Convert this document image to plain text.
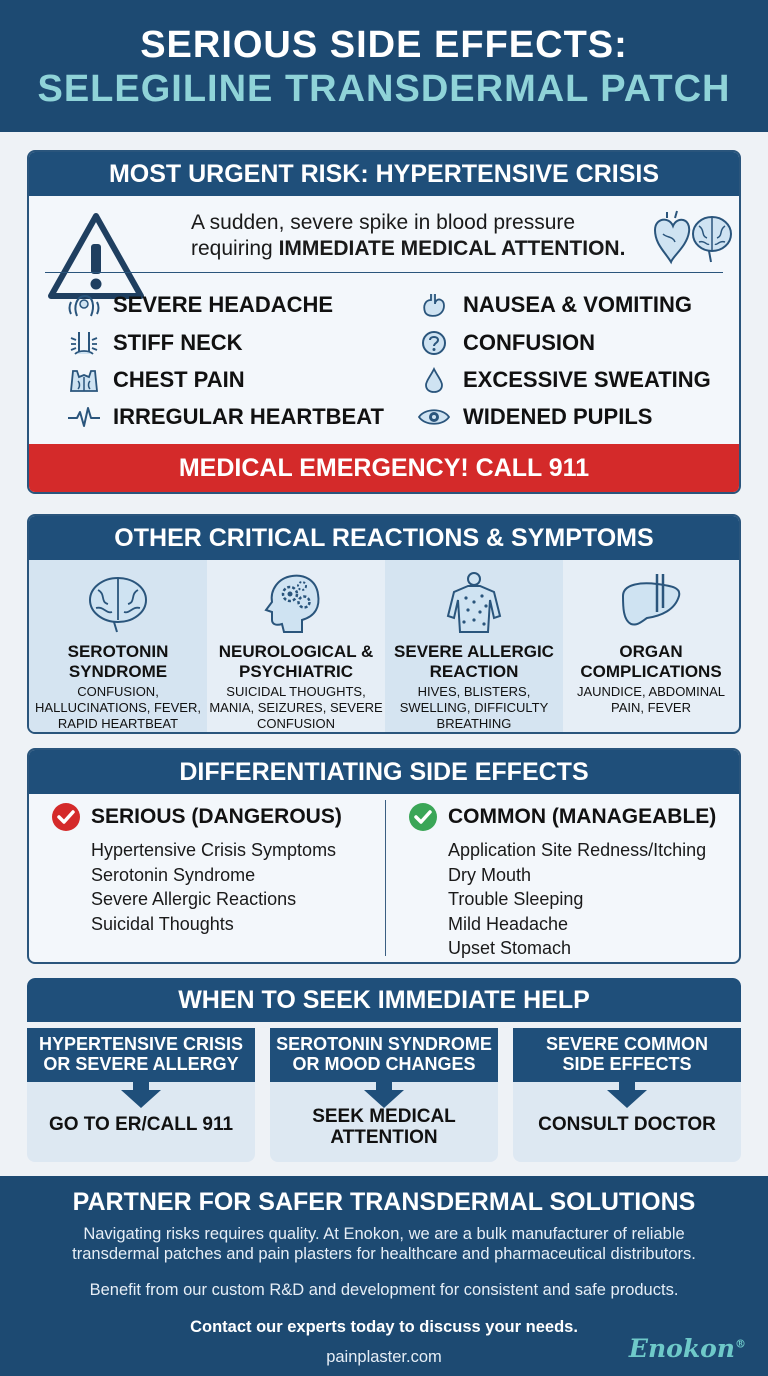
SERIOUS SIDE EFFECTS:
SELEGILINE TRANSDERMAL PATCH
MOST URGENT RISK: HYPERTENSIVE CRISIS
A sudden, severe spike in blood pressure
requiring IMMEDIATE MEDICAL ATTENTION.
SEVERE HEADACHE
STIFF NECK
CHEST PAIN
IRREGULAR HEARTBEAT
NAUSEA & VOMITING
CONFUSION
EXCESSIVE SWEATING
WIDENED PUPILS
MEDICAL EMERGENCY! CALL 911
OTHER CRITICAL REACTIONS & SYMPTOMS
SEROTONIN SYNDROME
CONFUSION, HALLUCINATIONS, FEVER, RAPID HEARTBEAT
NEUROLOGICAL & PSYCHIATRIC
SUICIDAL THOUGHTS, MANIA, SEIZURES, SEVERE CONFUSION
SEVERE ALLERGIC REACTION
HIVES, BLISTERS, SWELLING, DIFFICULTY BREATHING
ORGAN COMPLICATIONS
JAUNDICE, ABDOMINAL PAIN, FEVER
DIFFERENTIATING SIDE EFFECTS
SERIOUS (DANGEROUS)
Hypertensive Crisis Symptoms
Serotonin Syndrome
Severe Allergic Reactions
Suicidal Thoughts
COMMON (MANAGEABLE)
Application Site Redness/Itching
Dry Mouth
Trouble Sleeping
Mild Headache
Upset Stomach
WHEN TO SEEK IMMEDIATE HELP
HYPERTENSIVE CRISIS
OR SEVERE ALLERGY
GO TO ER/CALL 911
SEROTONIN SYNDROME
OR MOOD CHANGES
SEEK MEDICAL
ATTENTION
SEVERE COMMON
SIDE EFFECTS
CONSULT DOCTOR
PARTNER FOR SAFER TRANSDERMAL SOLUTIONS
Navigating risks requires quality. At Enokon, we are a bulk manufacturer of reliable
transdermal patches and pain plasters for healthcare and pharmaceutical distributors.
Benefit from our custom R&D and development for consistent and safe products.
Contact our experts today to discuss your needs.
painplaster.com	Enokon®
